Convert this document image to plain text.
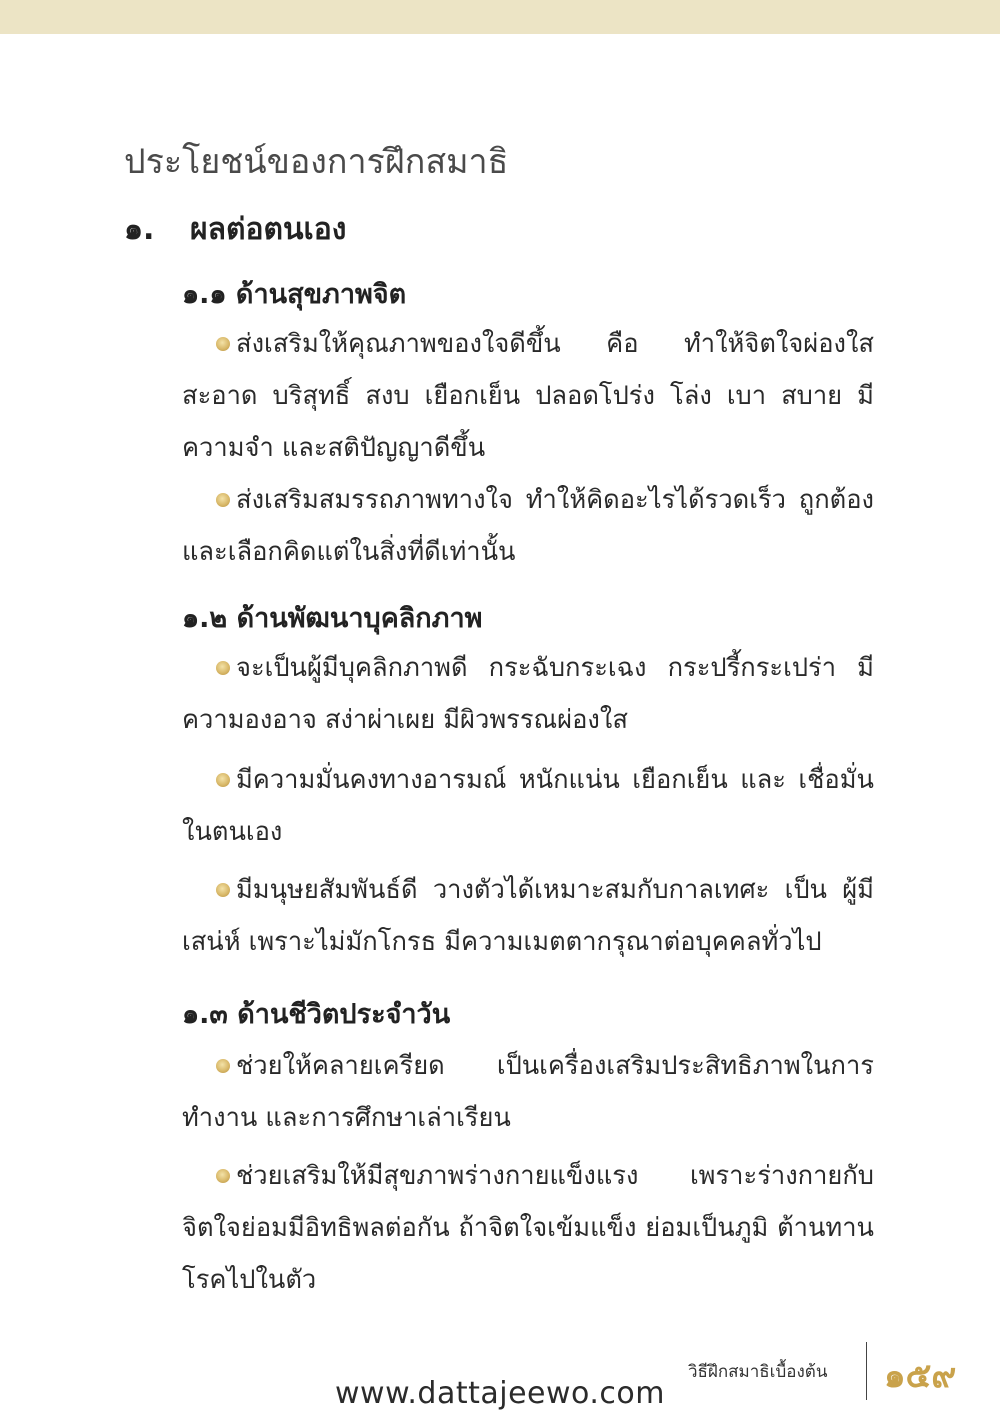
ประโยชน์ของการฝึกสมาธิ
๑. ผลต่อตนเอง
๑.๑ ด้านสุขภาพจิต
ส่งเสริมให้คุณภาพของใจดีขึ้น คือ ทำให้จิตใจผ่องใส สะอาด บริสุทธิ์ สงบ เยือกเย็น ปลอดโปร่ง โล่ง เบา สบาย มีความจำ และสติปัญญาดีขึ้น
ส่งเสริมสมรรถภาพทางใจ ทำให้คิดอะไรได้รวดเร็ว ถูกต้องและเลือกคิดแต่ในสิ่งที่ดีเท่านั้น
๑.๒ ด้านพัฒนาบุคลิกภาพ
จะเป็นผู้มีบุคลิกภาพดี กระฉับกระเฉง กระปรี้กระเปร่า มีความองอาจ สง่าผ่าเผย มีผิวพรรณผ่องใส
มีความมั่นคงทางอารมณ์ หนักแน่น เยือกเย็น และ เชื่อมั่นในตนเอง
มีมนุษยสัมพันธ์ดี วางตัวได้เหมาะสมกับกาลเทศะ เป็น ผู้มีเสน่ห์ เพราะไม่มักโกรธ มีความเมตตากรุณาต่อบุคคลทั่วไป
๑.๓ ด้านชีวิตประจำวัน
ช่วยให้คลายเครียด เป็นเครื่องเสริมประสิทธิภาพในการ ทำงาน และการศึกษาเล่าเรียน
ช่วยเสริมให้มีสุขภาพร่างกายแข็งแรง เพราะร่างกายกับ จิตใจย่อมมีอิทธิพลต่อกัน ถ้าจิตใจเข้มแข็ง ย่อมเป็นภูมิ ต้านทานโรคไปในตัว
วิธีฝึกสมาธิเบื้องต้น ๑๕๙
www.dattajeewo.com
